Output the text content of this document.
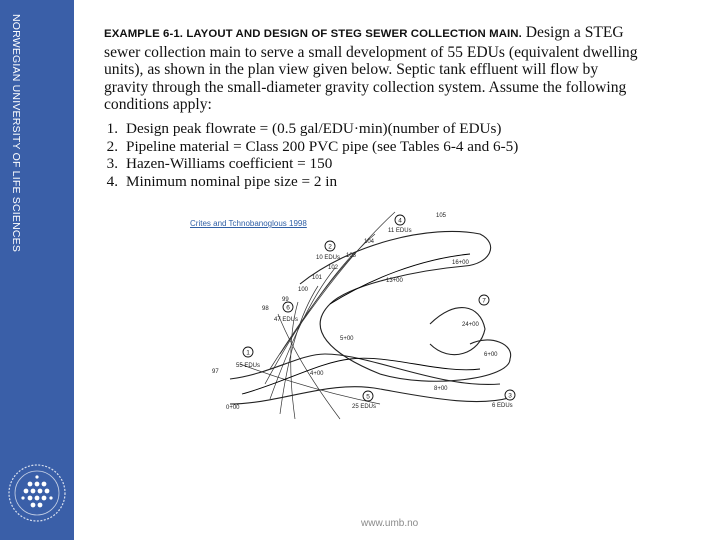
NORWEGIAN UNIVERSITY OF LIFE SCIENCES	EXAMPLE 6-1. LAYOUT AND DESIGN OF STEG SEWER COLLECTION MAIN. Design a STEG sewer collection main to serve a small development of 55 EDUs (equivalent dwelling units), as shown in the plan view given below. Septic tank effluent will flow by gravity through the small-diameter gravity collection system. Assume the following conditions apply:
1. Design peak flowrate = (0.5 gal/EDU·min)(number of EDUs)
2. Pipeline material = Class 200 PVC pipe (see Tables 6-4 and 6-5)
3. Hazen-Williams coefficient = 150
4. Minimum nominal pipe size = 2 in
1
2
3
4
5
6
7
55 EDUs
10 EDUs
6 EDUs
11 EDUs
25 EDUs
47 EDUs
105
104
103
102
101
100
99
98
97
0+00
4+00
5+00
6+00
8+00
13+00
16+00
24+00
Crites and Tchnobanoglous 1998
www.umb.no
